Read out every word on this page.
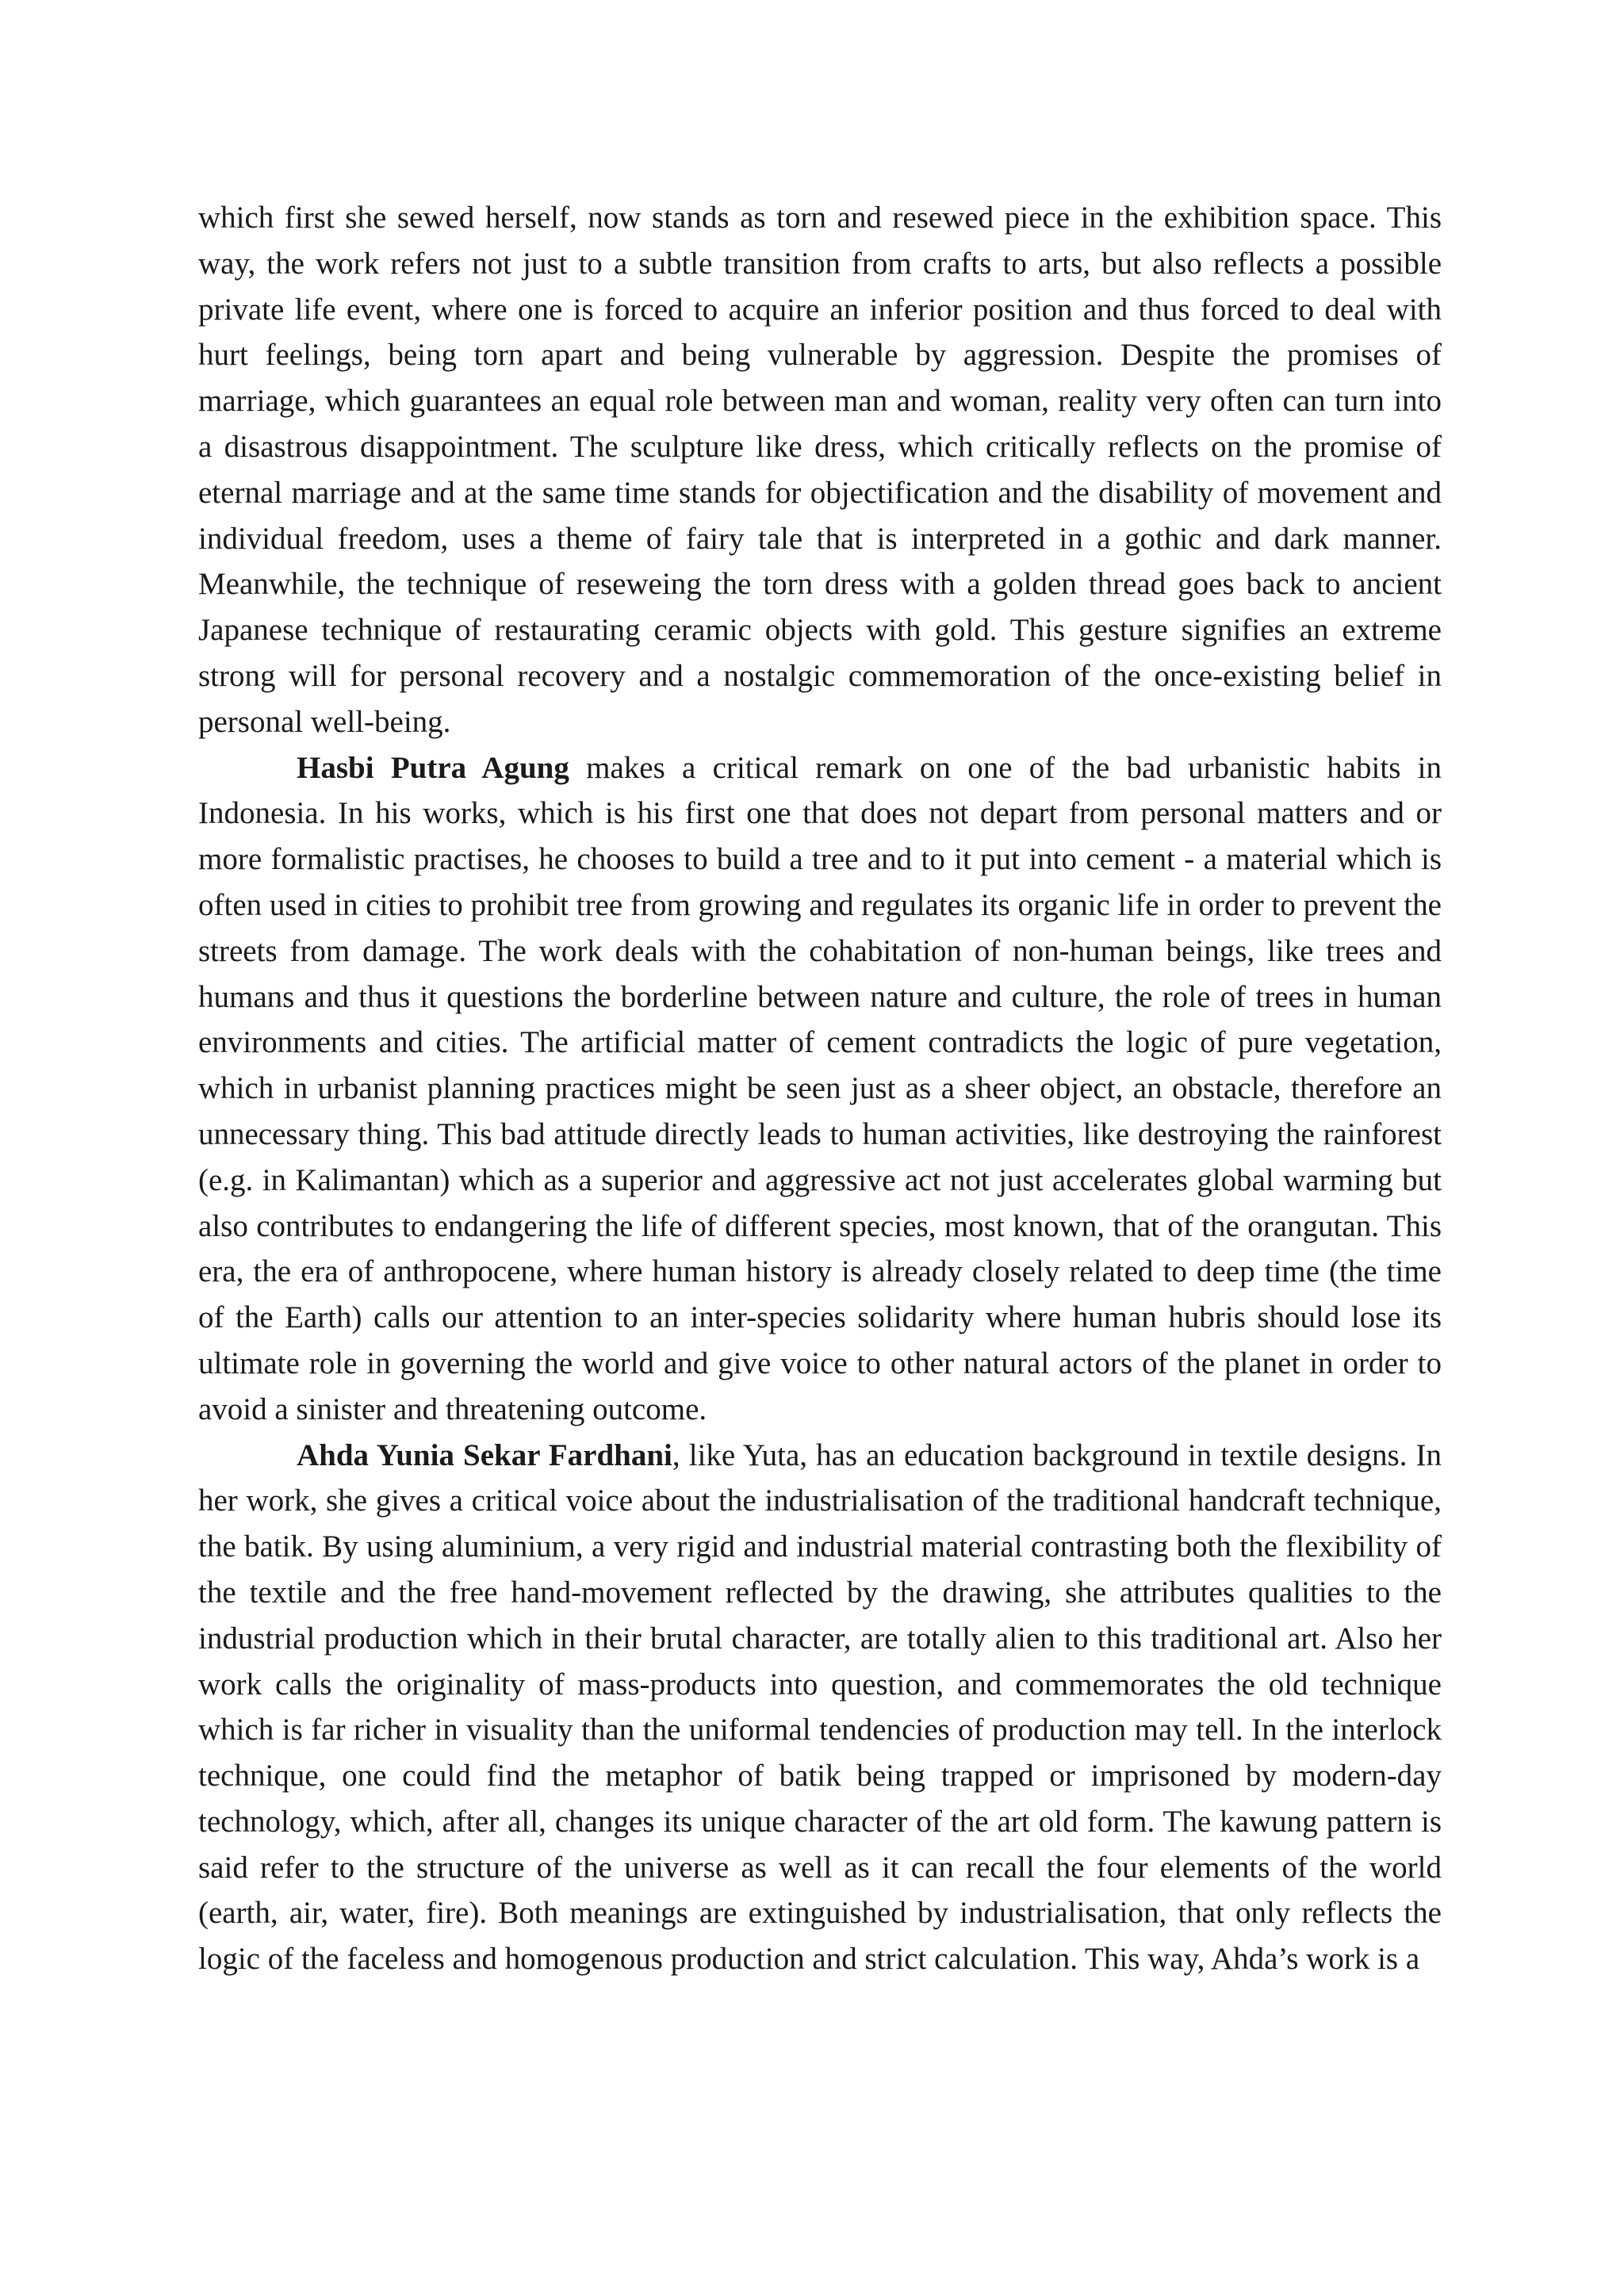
which first she sewed herself, now stands as torn and resewed piece in the exhibition space. This way, the work refers not just to a subtle transition from crafts to arts, but also reflects a possible private life event, where one is forced to acquire an inferior position and thus forced to deal with hurt feelings, being torn apart and being vulnerable by aggression. Despite the promises of marriage, which guarantees an equal role between man and woman, reality very often can turn into a disastrous disappointment. The sculpture like dress, which critically reflects on the promise of eternal marriage and at the same time stands for objectification and the disability of movement and individual freedom, uses a theme of fairy tale that is interpreted in a gothic and dark manner. Meanwhile, the technique of reseweing the torn dress with a golden thread goes back to ancient Japanese technique of restaurating ceramic objects with gold. This gesture signifies an extreme strong will for personal recovery and a nostalgic commemoration of the once-existing belief in personal well-being.

Hasbi Putra Agung makes a critical remark on one of the bad urbanistic habits in Indonesia. In his works, which is his first one that does not depart from personal matters and or more formalistic practises, he chooses to build a tree and to it put into cement - a material which is often used in cities to prohibit tree from growing and regulates its organic life in order to prevent the streets from damage. The work deals with the cohabitation of non-human beings, like trees and humans and thus it questions the borderline between nature and culture, the role of trees in human environments and cities. The artificial matter of cement contradicts the logic of pure vegetation, which in urbanist planning practices might be seen just as a sheer object, an obstacle, therefore an unnecessary thing. This bad attitude directly leads to human activities, like destroying the rainforest (e.g. in Kalimantan) which as a superior and aggressive act not just accelerates global warming but also contributes to endangering the life of different species, most known, that of the orangutan. This era, the era of anthropocene, where human history is already closely related to deep time (the time of the Earth) calls our attention to an inter-species solidarity where human hubris should lose its ultimate role in governing the world and give voice to other natural actors of the planet in order to avoid a sinister and threatening outcome.

Ahda Yunia Sekar Fardhani, like Yuta, has an education background in textile designs. In her work, she gives a critical voice about the industrialisation of the traditional handcraft technique, the batik. By using aluminium, a very rigid and industrial material contrasting both the flexibility of the textile and the free hand-movement reflected by the drawing, she attributes qualities to the industrial production which in their brutal character, are totally alien to this traditional art. Also her work calls the originality of mass-products into question, and commemorates the old technique which is far richer in visuality than the uniformal tendencies of production may tell. In the interlock technique, one could find the metaphor of batik being trapped or imprisoned by modern-day technology, which, after all, changes its unique character of the art old form. The kawung pattern is said refer to the structure of the universe as well as it can recall the four elements of the world (earth, air, water, fire). Both meanings are extinguished by industrialisation, that only reflects the logic of the faceless and homogenous production and strict calculation. This way, Ahda’s work is a
